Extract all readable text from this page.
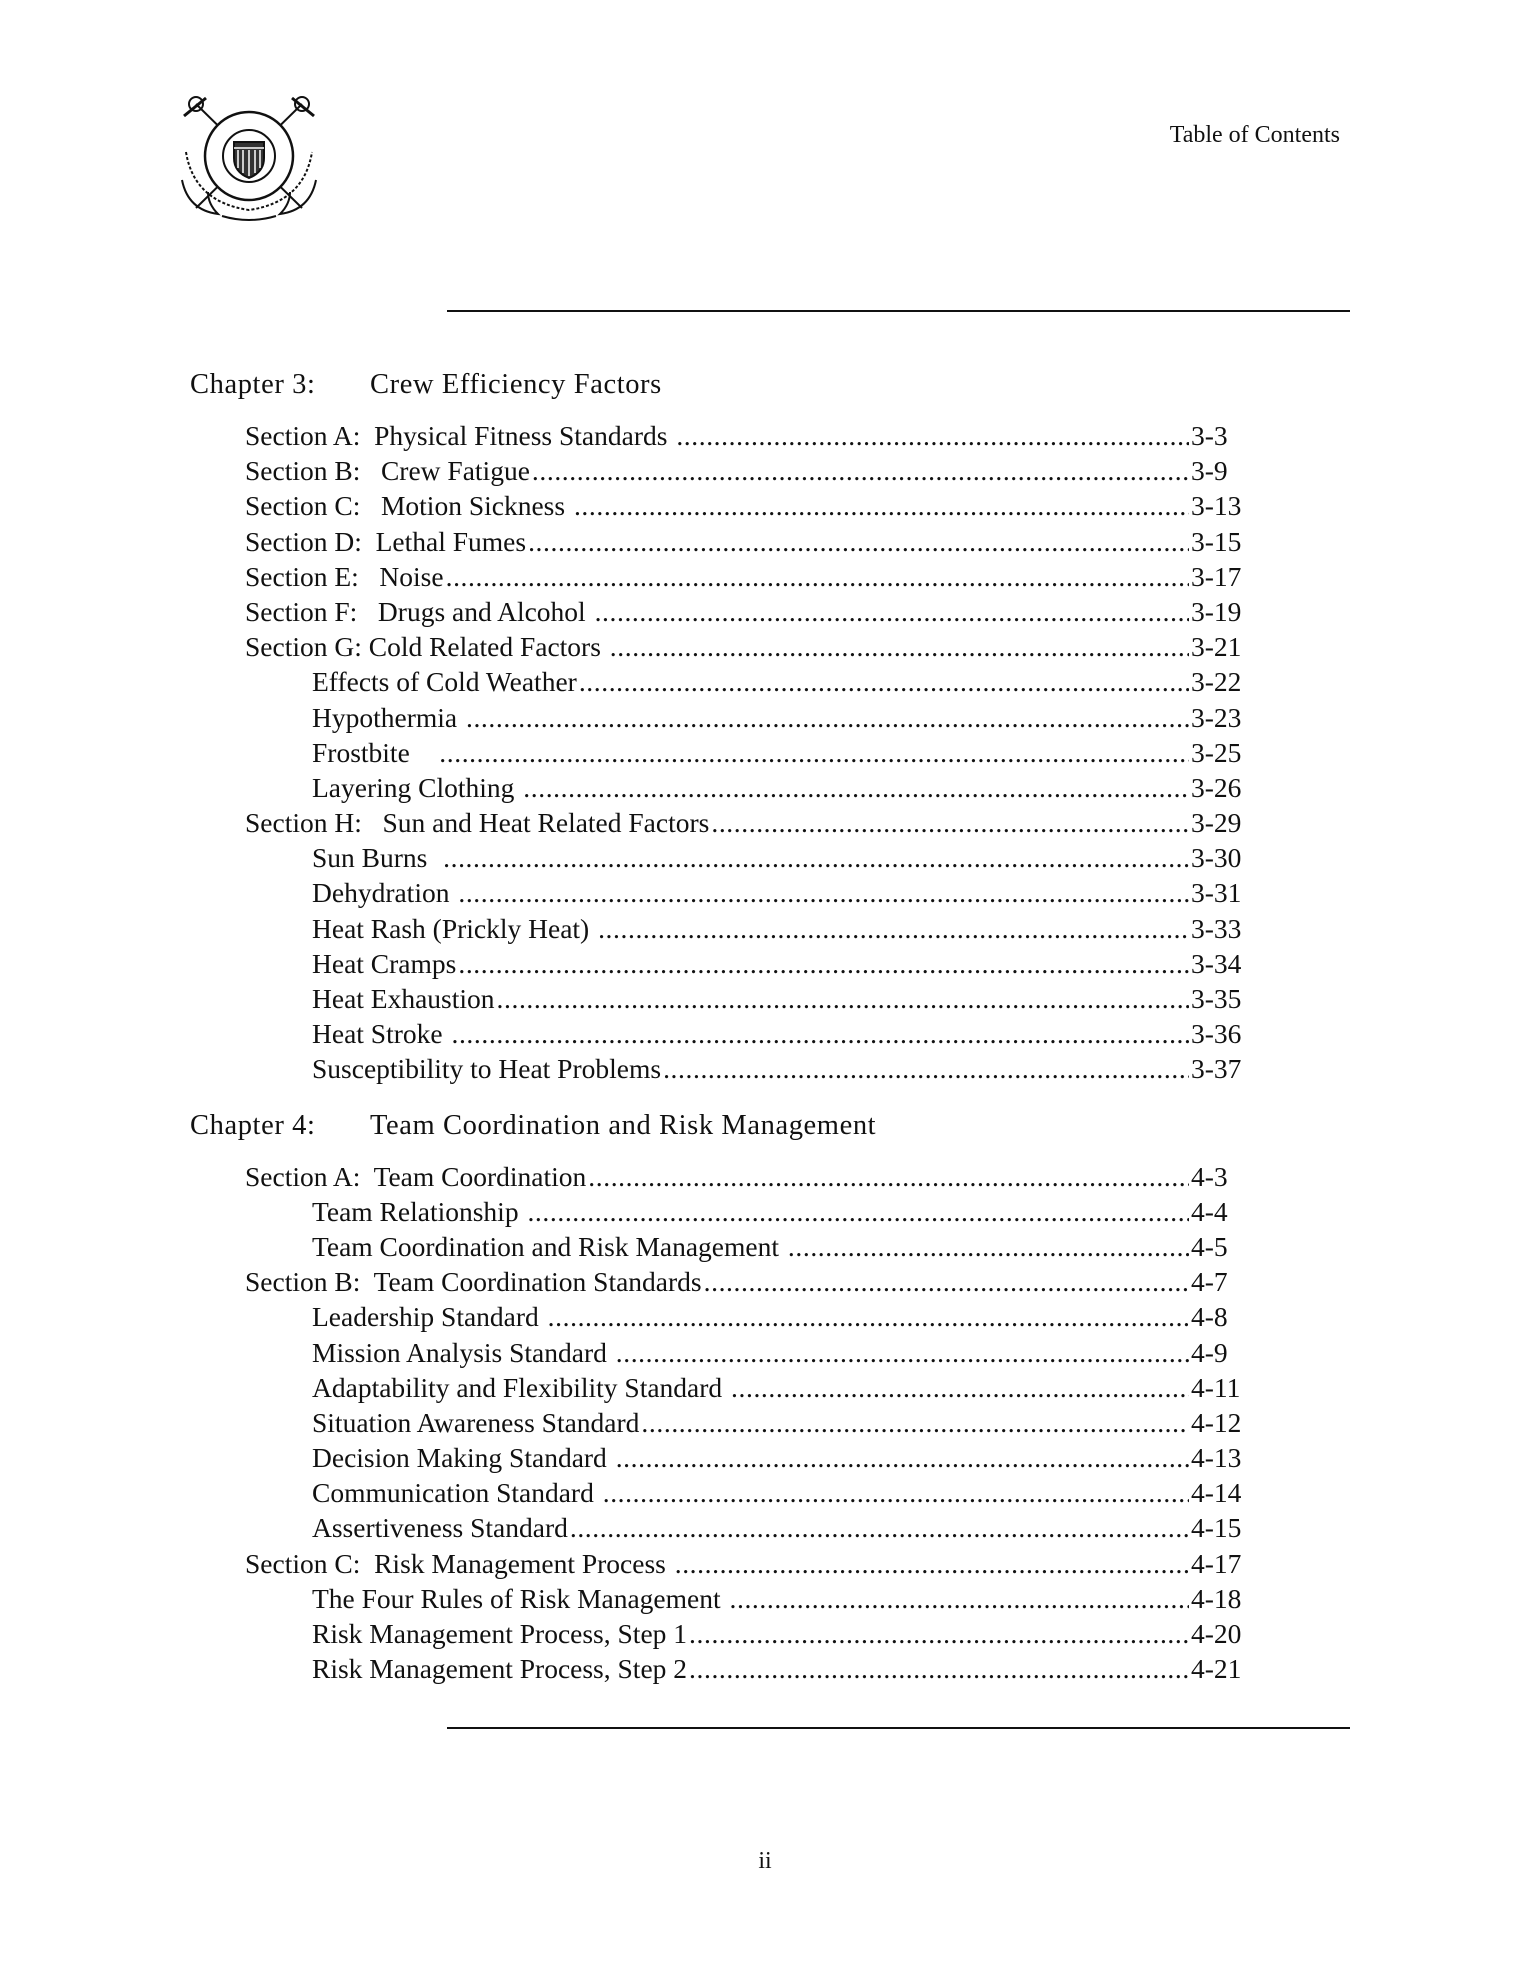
Table of Contents
Chapter 3: Crew Efficiency Factors
Section A:  Physical Fitness Standards .....	3-3
Section B:   Crew Fatigue .....	3-9
Section C:   Motion Sickness .....	3-13
Section D:  Lethal Fumes .....	3-15
Section E:   Noise .....	3-17
Section F:   Drugs and Alcohol .....	3-19
Section G: Cold Related Factors .....	3-21
Effects of Cold Weather .....	3-22
Hypothermia .....	3-23
Frostbite .....	3-25
Layering Clothing .....	3-26
Section H:   Sun and Heat Related Factors .....	3-29
Sun Burns .....	3-30
Dehydration .....	3-31
Heat Rash (Prickly Heat) .....	3-33
Heat Cramps .....	3-34
Heat Exhaustion .....	3-35
Heat Stroke .....	3-36
Susceptibility to Heat Problems .....	3-37
Chapter 4: Team Coordination and Risk Management
Section A:  Team Coordination .....	4-3
Team Relationship .....	4-4
Team Coordination and Risk Management .....	4-5
Section B:  Team Coordination Standards .....	4-7
Leadership Standard .....	4-8
Mission Analysis Standard .....	4-9
Adaptability and Flexibility Standard .....	4-11
Situation Awareness Standard .....	4-12
Decision Making Standard .....	4-13
Communication Standard .....	4-14
Assertiveness Standard .....	4-15
Section C:  Risk Management Process .....	4-17
The Four Rules of Risk Management .....	4-18
Risk Management Process, Step 1 .....	4-20
Risk Management Process, Step 2 .....	4-21
ii
